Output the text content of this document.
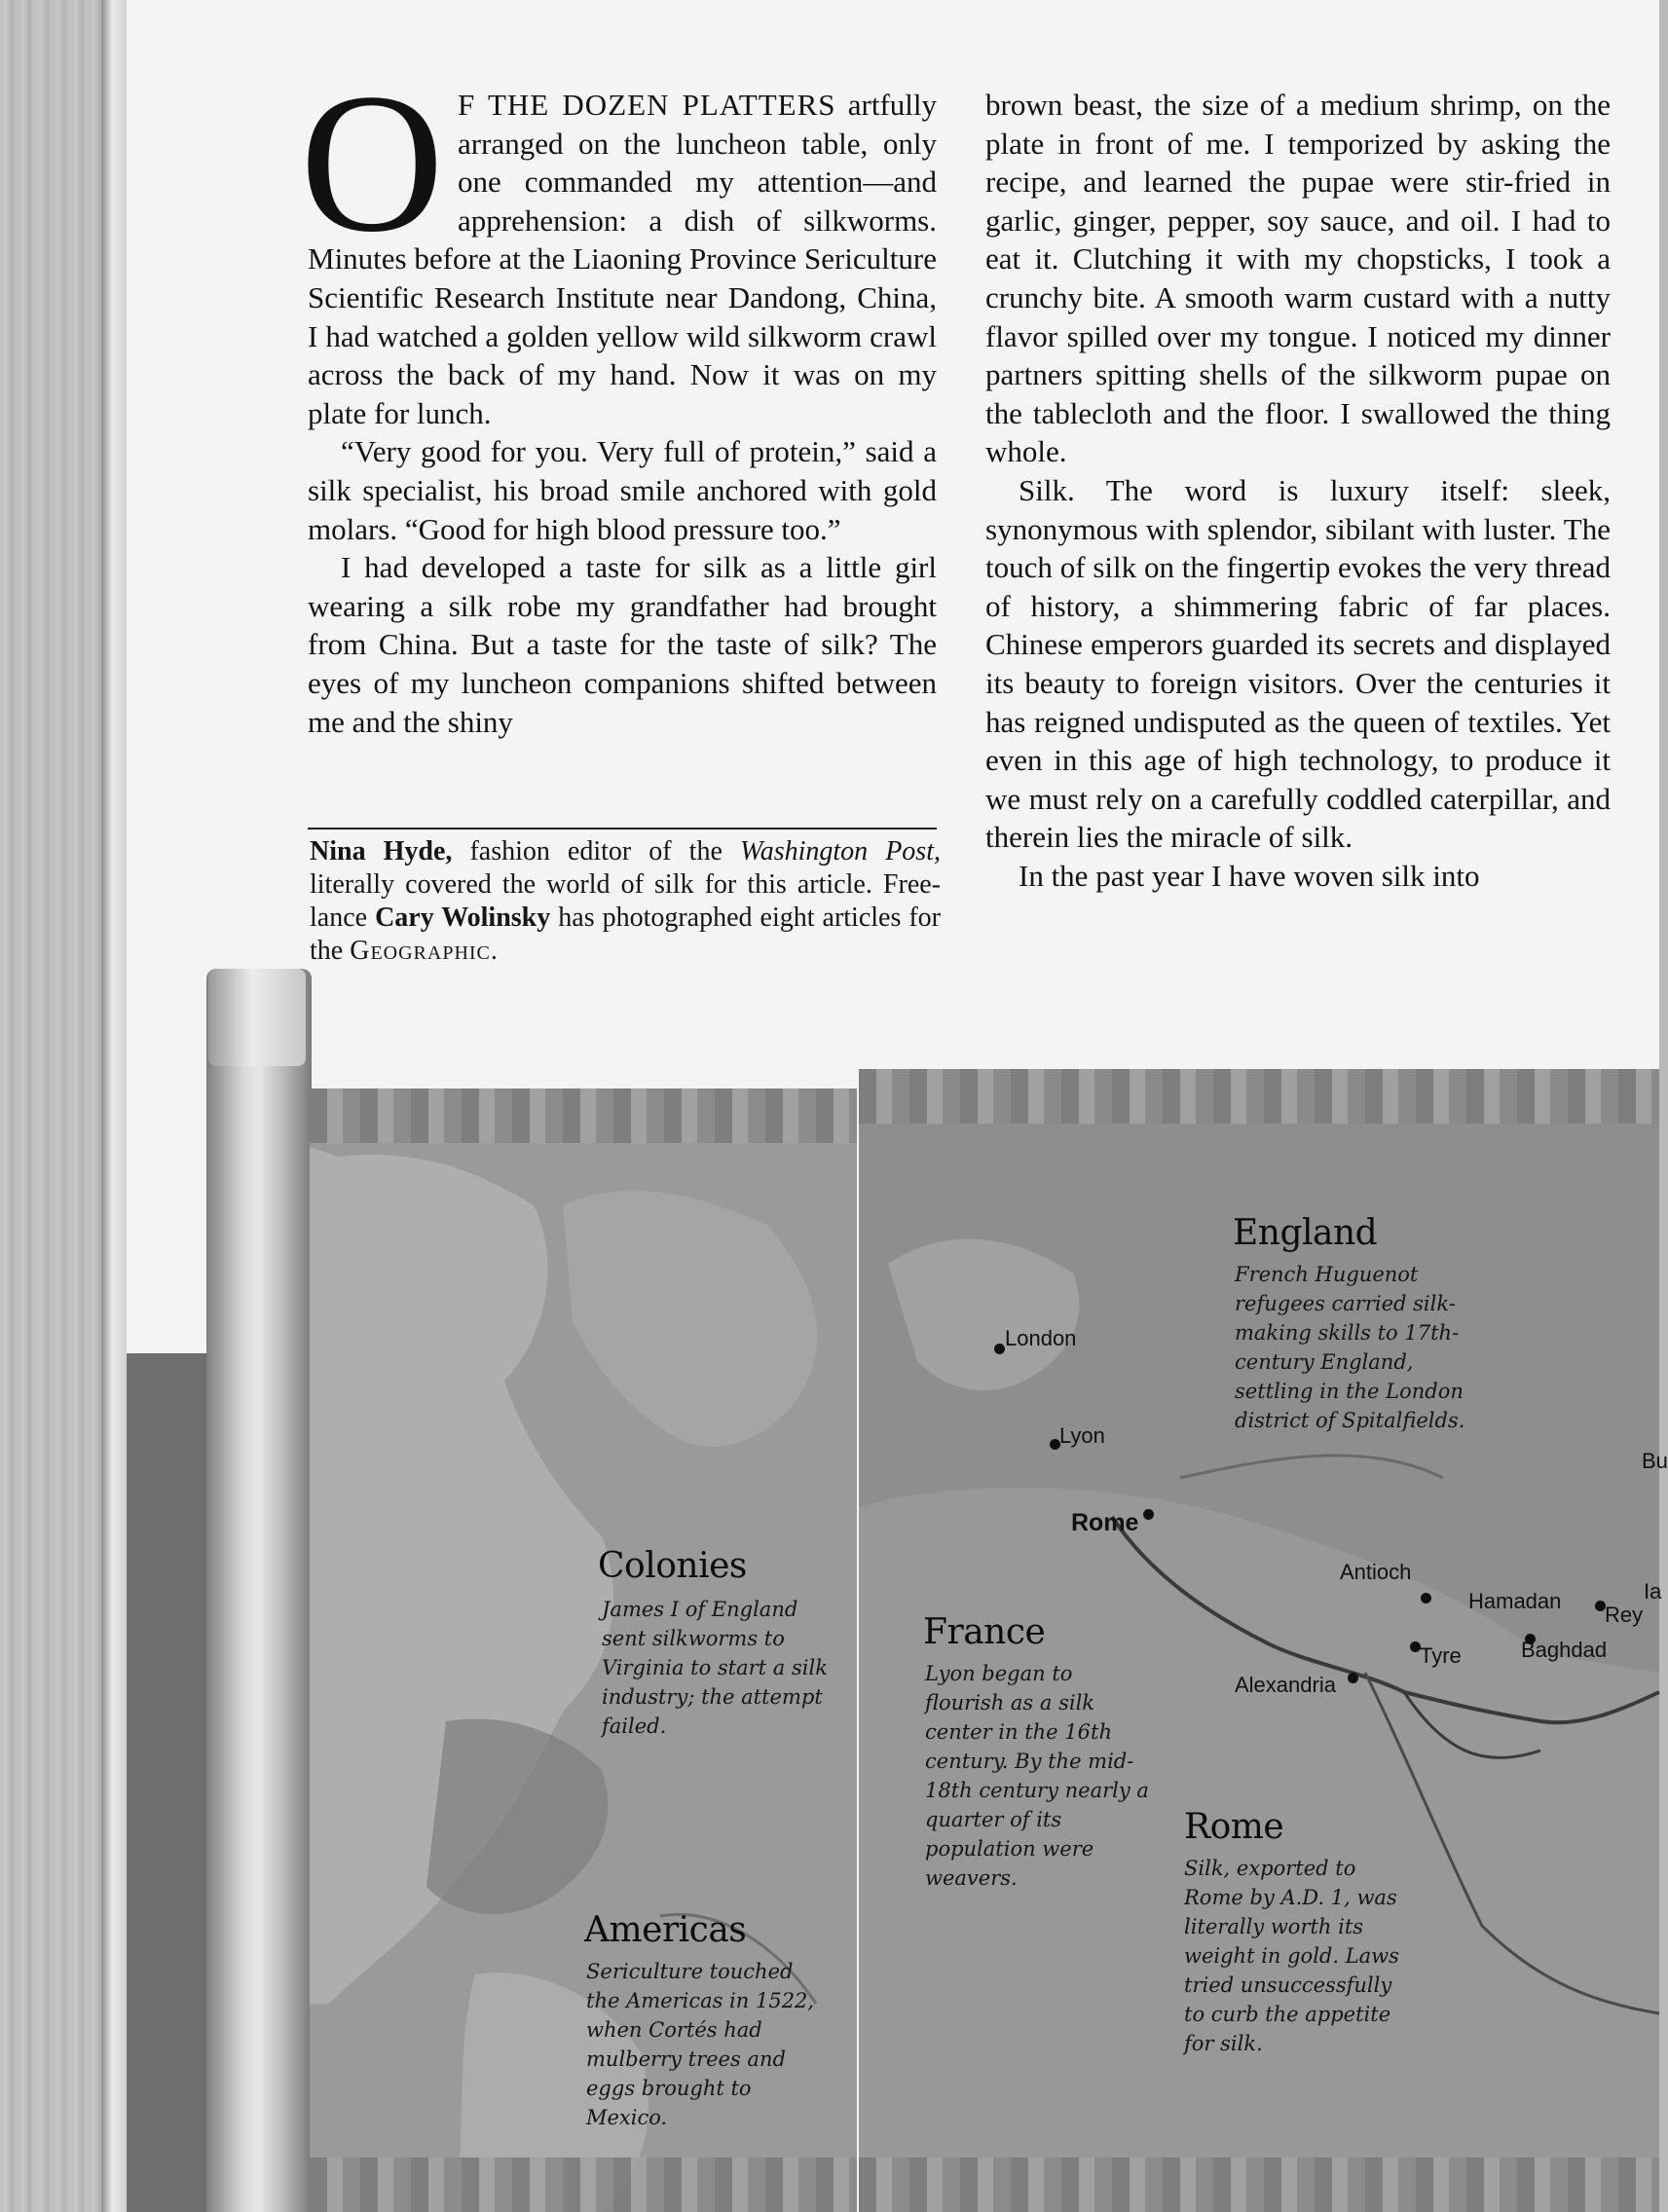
O F THE DOZEN PLATTERS artfully arranged on the luncheon table, only one commanded my attention—and apprehension: a dish of silkworms. Minutes before at the Liaoning Province Sericulture Scientific Research Institute near Dandong, China, I had watched a golden yellow wild silkworm crawl across the back of my hand. Now it was on my plate for lunch.

“Very good for you. Very full of protein,” said a silk specialist, his broad smile anchored with gold molars. “Good for high blood pressure too.”

I had developed a taste for silk as a little girl wearing a silk robe my grandfather had brought from China. But a taste for the taste of silk? The eyes of my luncheon companions shifted between me and the shiny

Nina Hyde, fashion editor of the Washington Post, literally covered the world of silk for this article. Free-lance Cary Wolinsky has photographed eight articles for the Geographic.

brown beast, the size of a medium shrimp, on the plate in front of me. I temporized by asking the recipe, and learned the pupae were stir-fried in garlic, ginger, pepper, soy sauce, and oil. I had to eat it. Clutching it with my chopsticks, I took a crunchy bite. A smooth warm custard with a nutty flavor spilled over my tongue. I noticed my dinner partners spitting shells of the silkworm pupae on the tablecloth and the floor. I swallowed the thing whole.

Silk. The word is luxury itself: sleek, synonymous with splendor, sibilant with luster. The touch of silk on the fingertip evokes the very thread of history, a shimmering fabric of far places. Chinese emperors guarded its secrets and displayed its beauty to foreign visitors. Over the centuries it has reigned undisputed as the queen of textiles. Yet even in this age of high technology, to produce it we must rely on a carefully coddled caterpillar, and therein lies the miracle of silk.

In the past year I have woven silk into

Colonies
James I of England sent silkworms to Virginia to start a silk industry; the attempt failed.
Americas
Sericulture touched the Americas in 1522, when Cortés had mulberry trees and eggs brought to Mexico.
England
French Huguenot refugees carried silk-making skills to 17th-century England, settling in the London district of Spitalfields.
France
Lyon began to flourish as a silk center in the 16th century. By the mid-18th century nearly a quarter of its population were weavers.
Rome
Silk, exported to Rome by A.D. 1, was literally worth its weight in gold. Laws tried unsuccessfully to curb the appetite for silk.
London
Lyon
Rome
Antioch
Hamadan
Rey
Tyre	Baghdad
Alexandria
Bu
Ia
